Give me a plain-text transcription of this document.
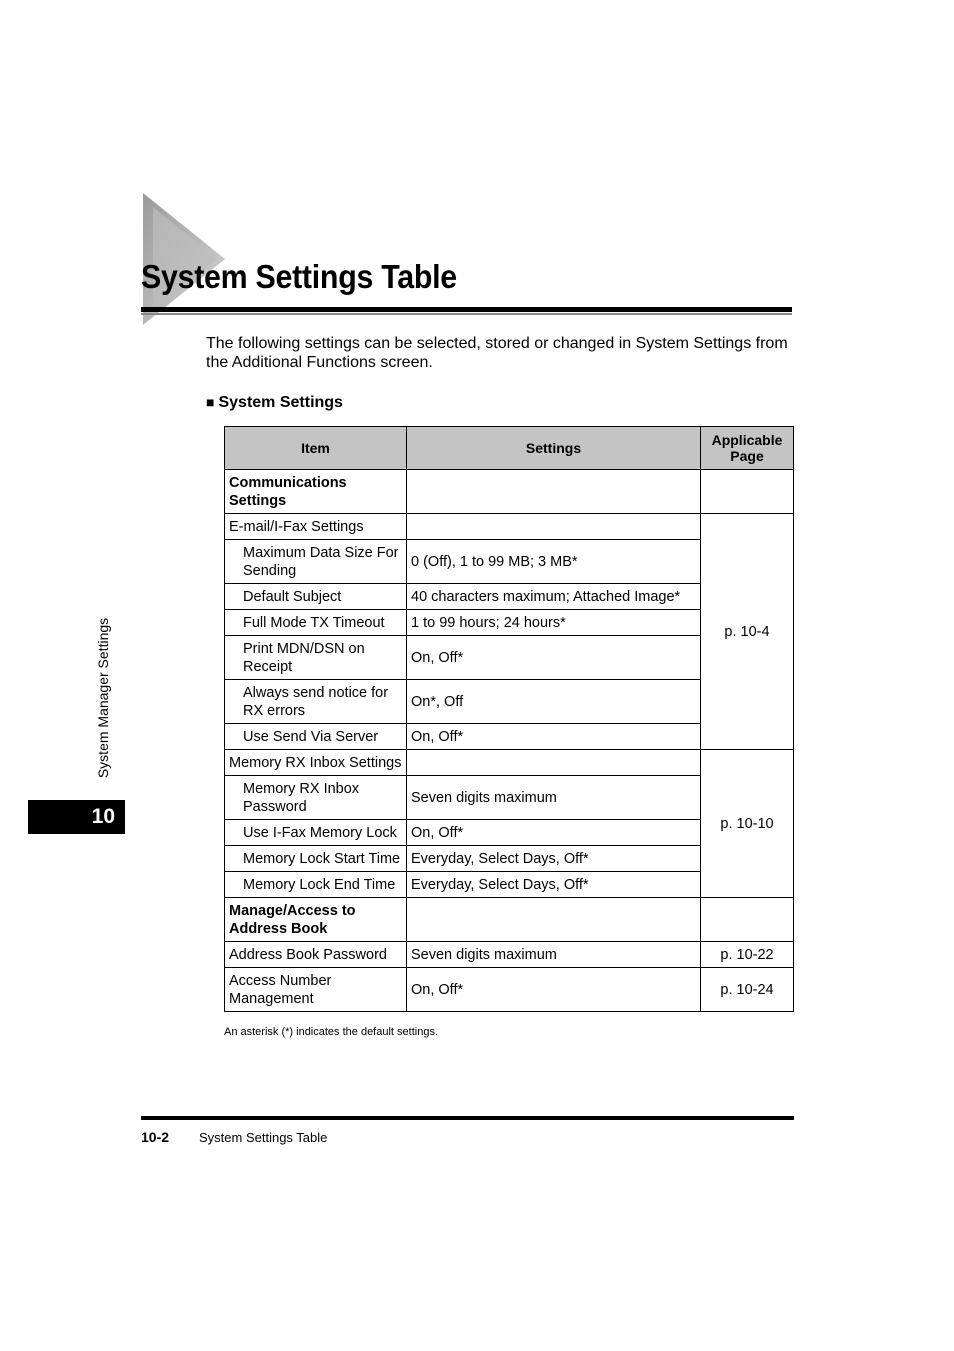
System Settings Table

The following settings can be selected, stored or changed in System Settings from the Additional Functions screen.

■ System Settings

Item	Settings	Applicable Page
Communications Settings		
E-mail/I-Fax Settings		p. 10-4
Maximum Data Size For Sending	0 (Off), 1 to 99 MB; 3 MB*	
Default Subject	40 characters maximum; Attached Image*	
Full Mode TX Timeout	1 to 99 hours; 24 hours*	
Print MDN/DSN on Receipt	On, Off*	
Always send notice for RX errors	On*, Off	
Use Send Via Server	On, Off*	
Memory RX Inbox Settings		p. 10-10
Memory RX Inbox Password	Seven digits maximum	
Use I-Fax Memory Lock	On, Off*	
Memory Lock Start Time	Everyday, Select Days, Off*	
Memory Lock End Time	Everyday, Select Days, Off*	
Manage/Access to Address Book		
Address Book Password	Seven digits maximum	p. 10-22
Access Number Management	On, Off*	p. 10-24

An asterisk (*) indicates the default settings.

System Manager Settings
10

10-2 System Settings Table
